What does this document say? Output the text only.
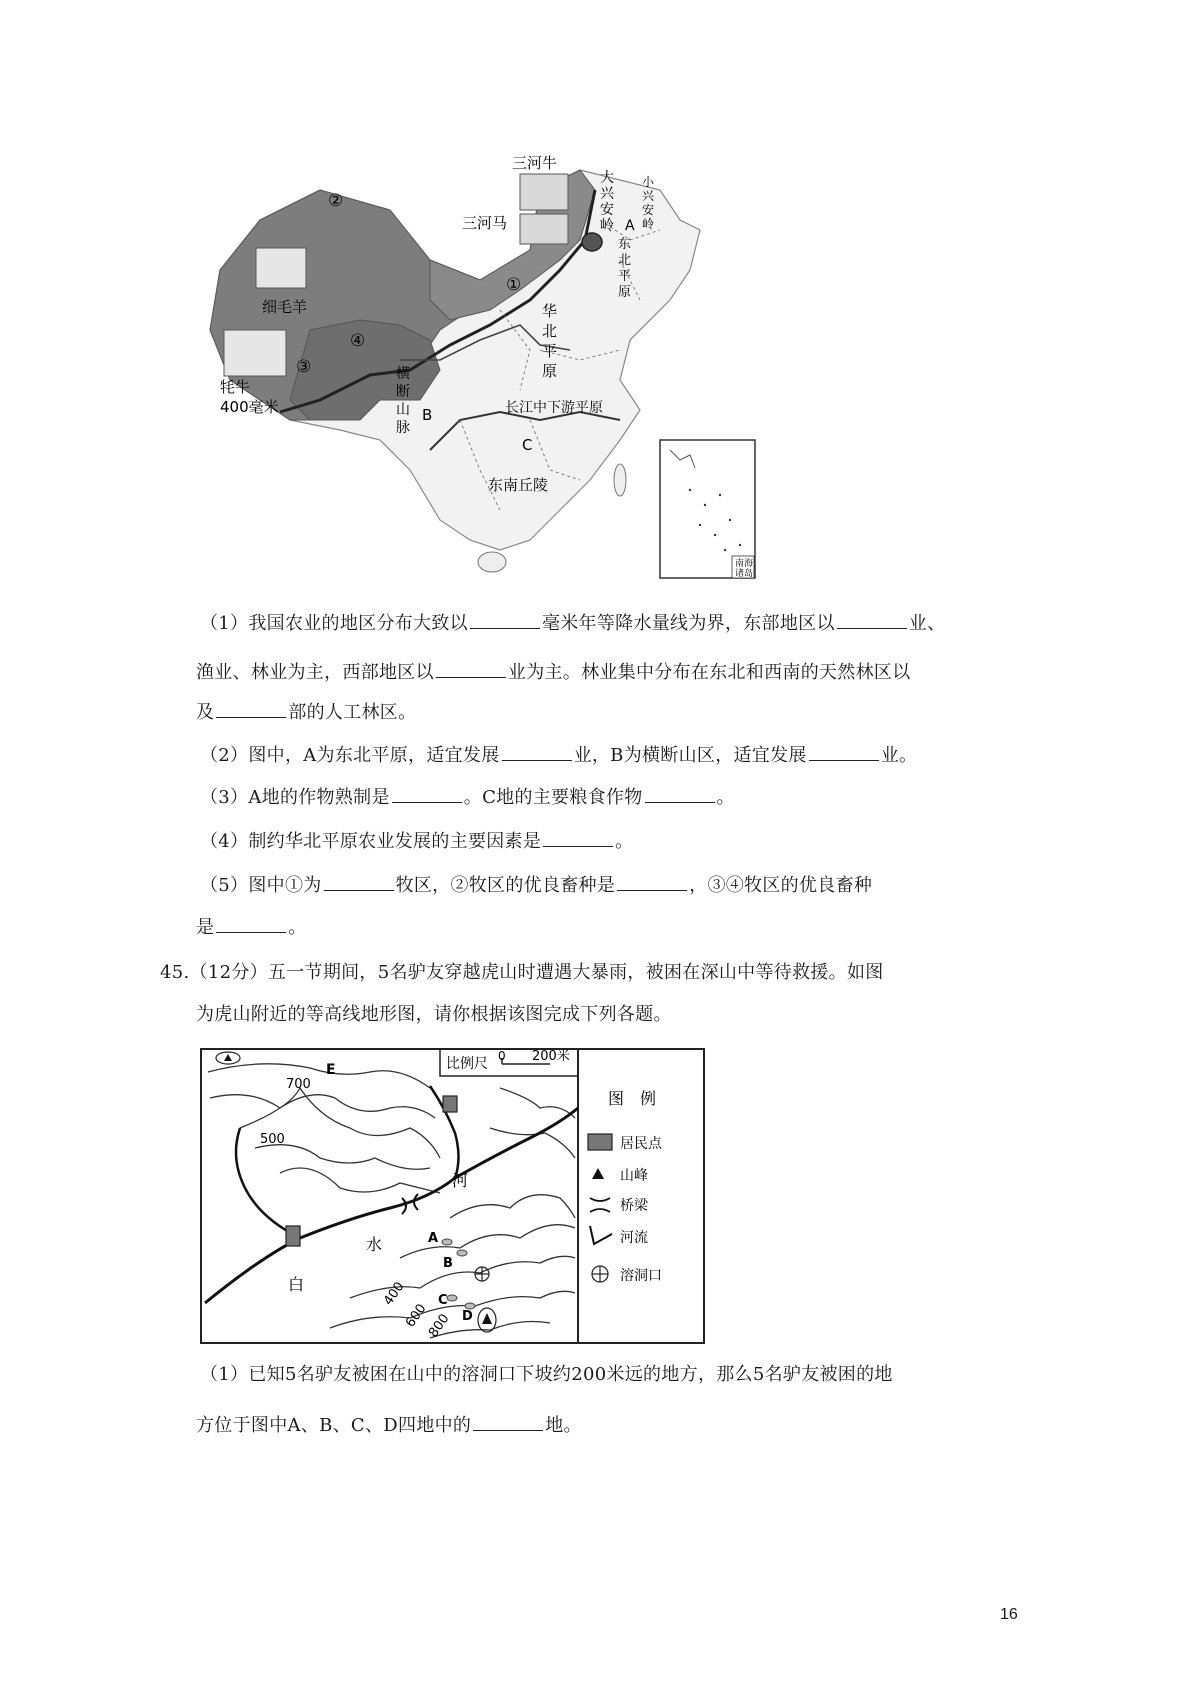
三河牛
三河马
②
①
细毛羊
④
③
牦牛
400毫米
A
B
C
长江中下游平原
东南丘陵
大兴安岭
小兴安岭
东北平原
华北平原
横断山脉
南海
诸岛
（1）我国农业的地区分布大致以	毫米年等降水量线为界，东部地区以	业、
渔业、林业为主，西部地区以	业为主。林业集中分布在东北和西南的天然林区以
及	部的人工林区。
（2）图中，A为东北平原，适宜发展	业，B为横断山区，适宜发展	业。
（3）A地的作物熟制是	。C地的主要粮食作物	。
（4）制约华北平原农业发展的主要因素是	。
（5）图中①为	牧区，②牧区的优良畜种是	，③④牧区的优良畜种
是	。
45.（12分）五一节期间，5名驴友穿越虎山时遭遇大暴雨，被困在深山中等待救援。如图
为虎山附近的等高线地形图，请你根据该图完成下列各题。
比例尺 0 200米
图　例
居民点
山峰
桥梁
河流
溶洞口
700
500
400
600
800
E
A
B
C
D
河
水
白
（1）已知5名驴友被困在山中的溶洞口下坡约200米远的地方，那么5名驴友被困的地
方位于图中A、B、C、D四地中的	地。
16
